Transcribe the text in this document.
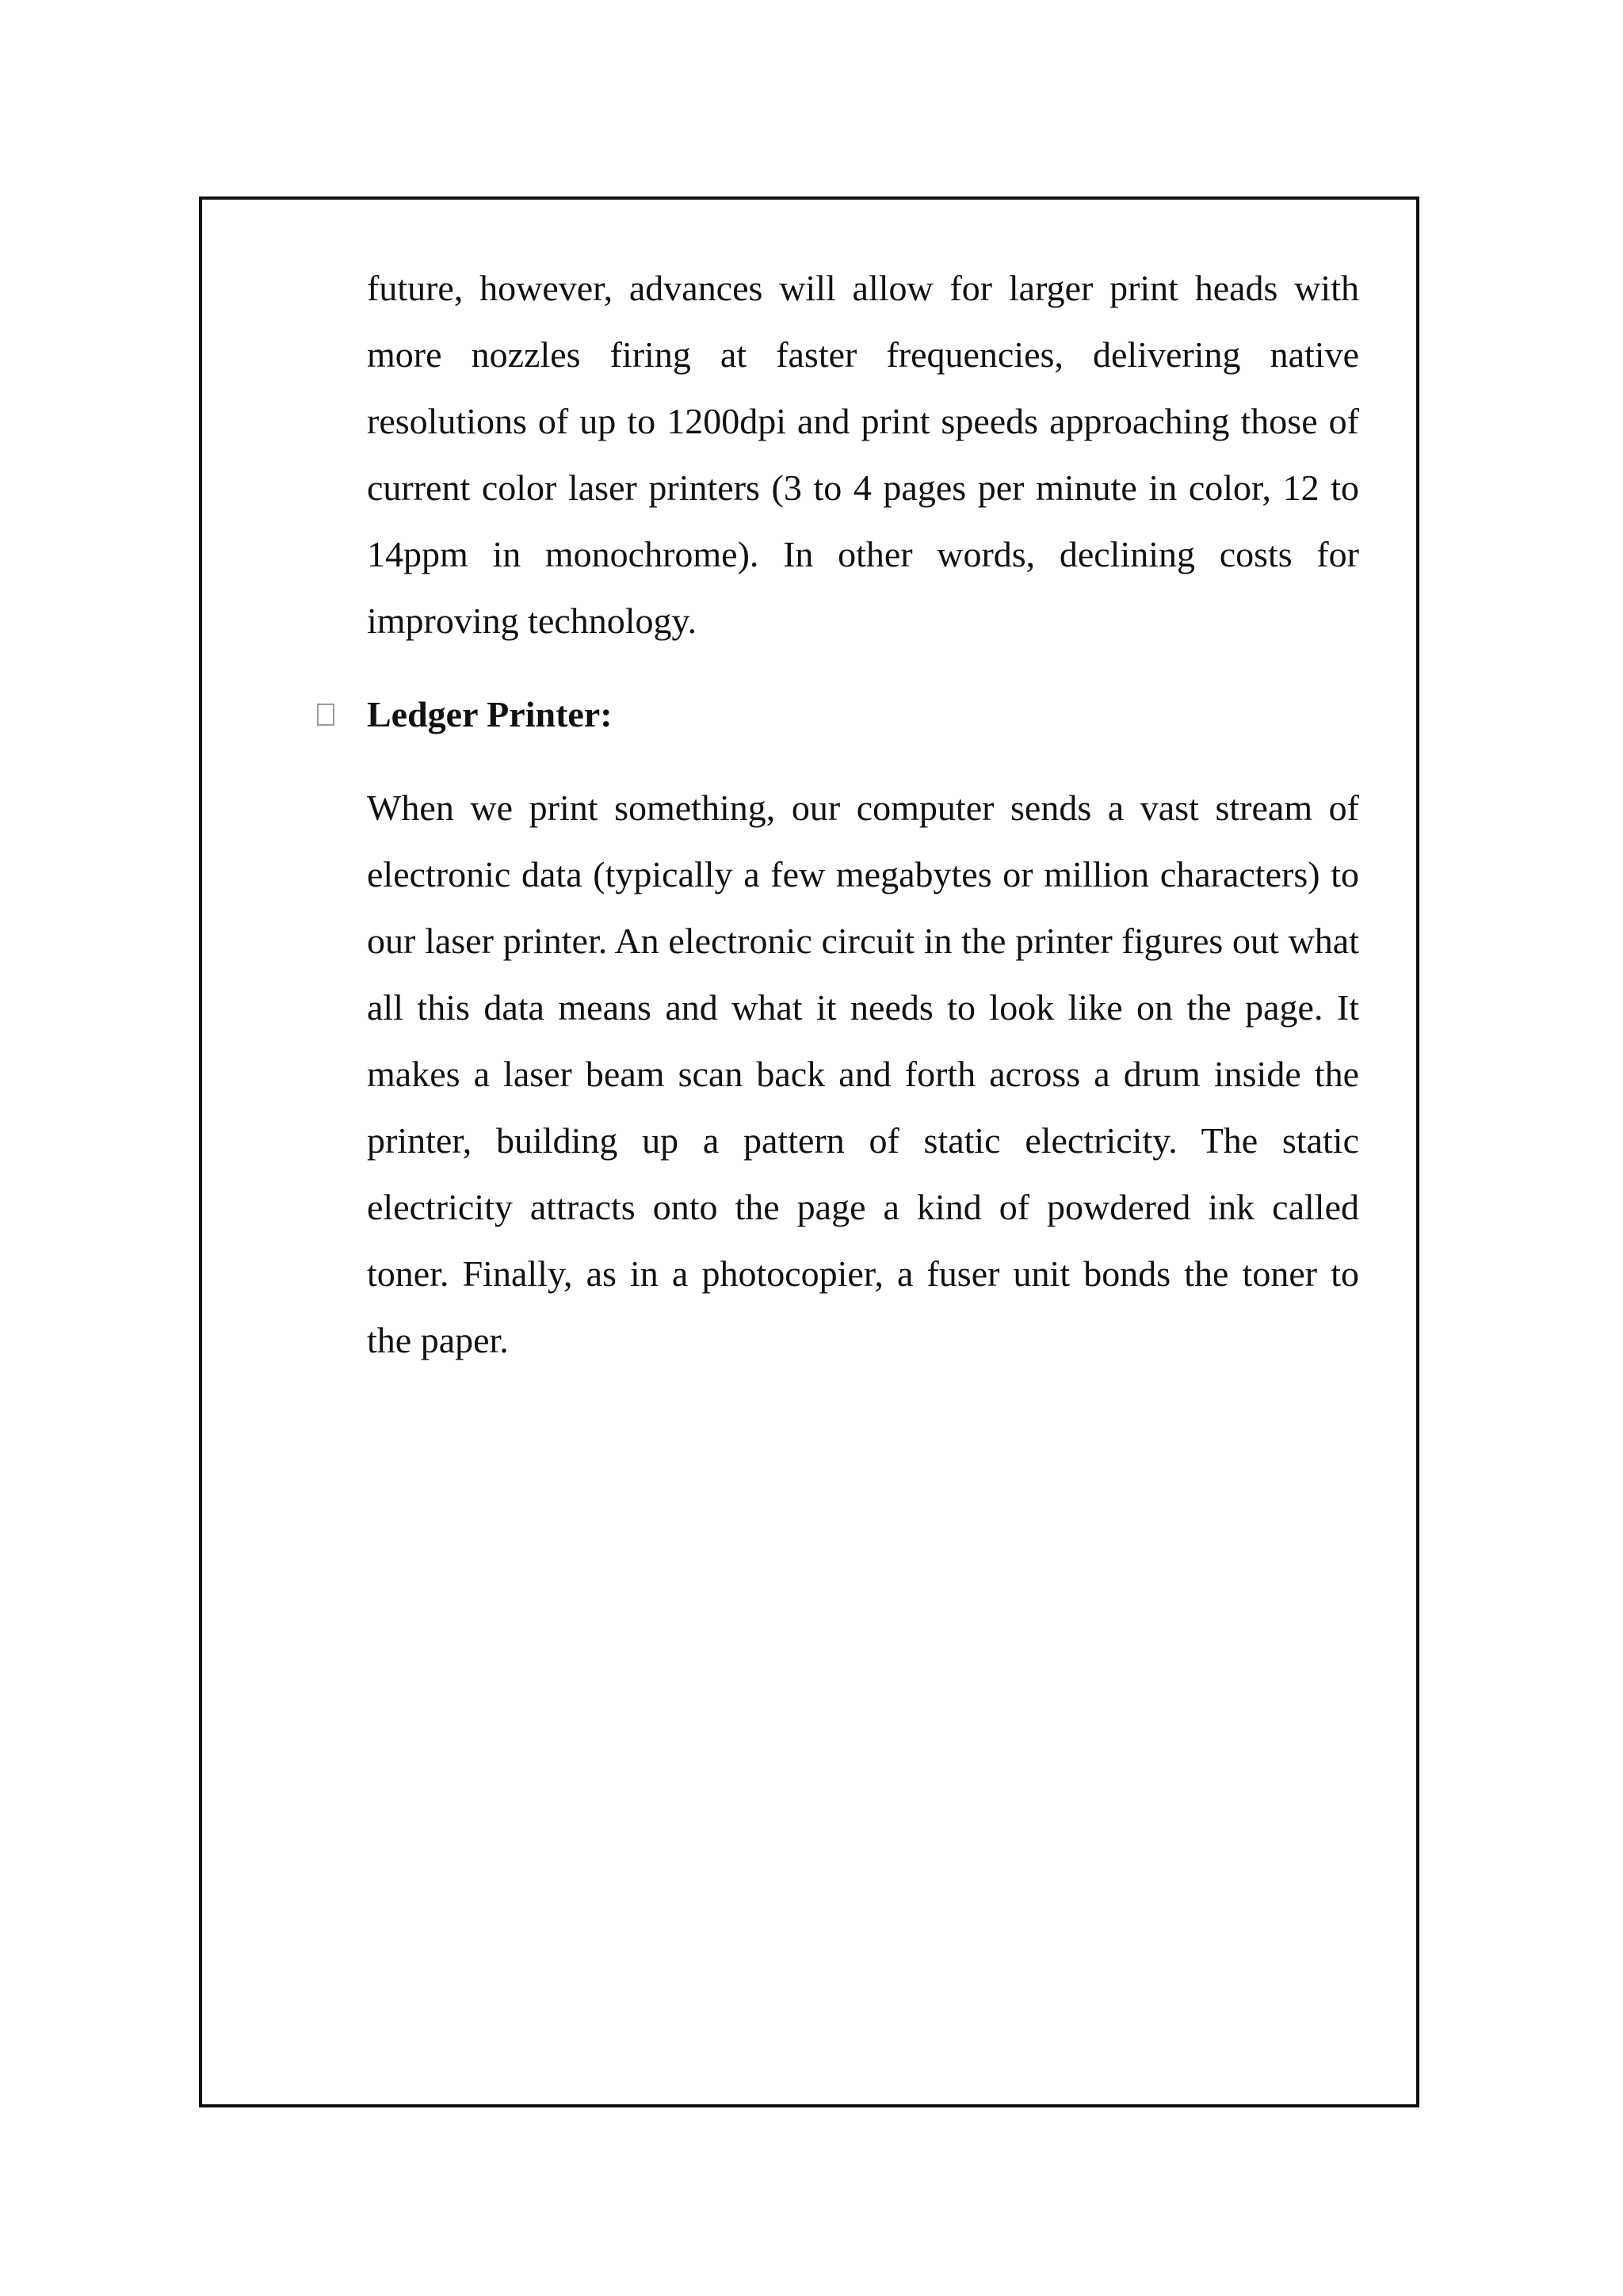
future, however, advances will allow for larger print heads with more nozzles firing at faster frequencies, delivering native resolutions of up to 1200dpi and print speeds approaching those of current color laser printers (3 to 4 pages per minute in color, 12 to 14ppm in monochrome). In other words, declining costs for improving technology.

Ledger Printer:

When we print something, our computer sends a vast stream of electronic data (typically a few megabytes or million characters) to our laser printer. An electronic circuit in the printer figures out what all this data means and what it needs to look like on the page. It makes a laser beam scan back and forth across a drum inside the printer, building up a pattern of static electricity. The static electricity attracts onto the page a kind of powdered ink called toner. Finally, as in a photocopier, a fuser unit bonds the toner to the paper.
